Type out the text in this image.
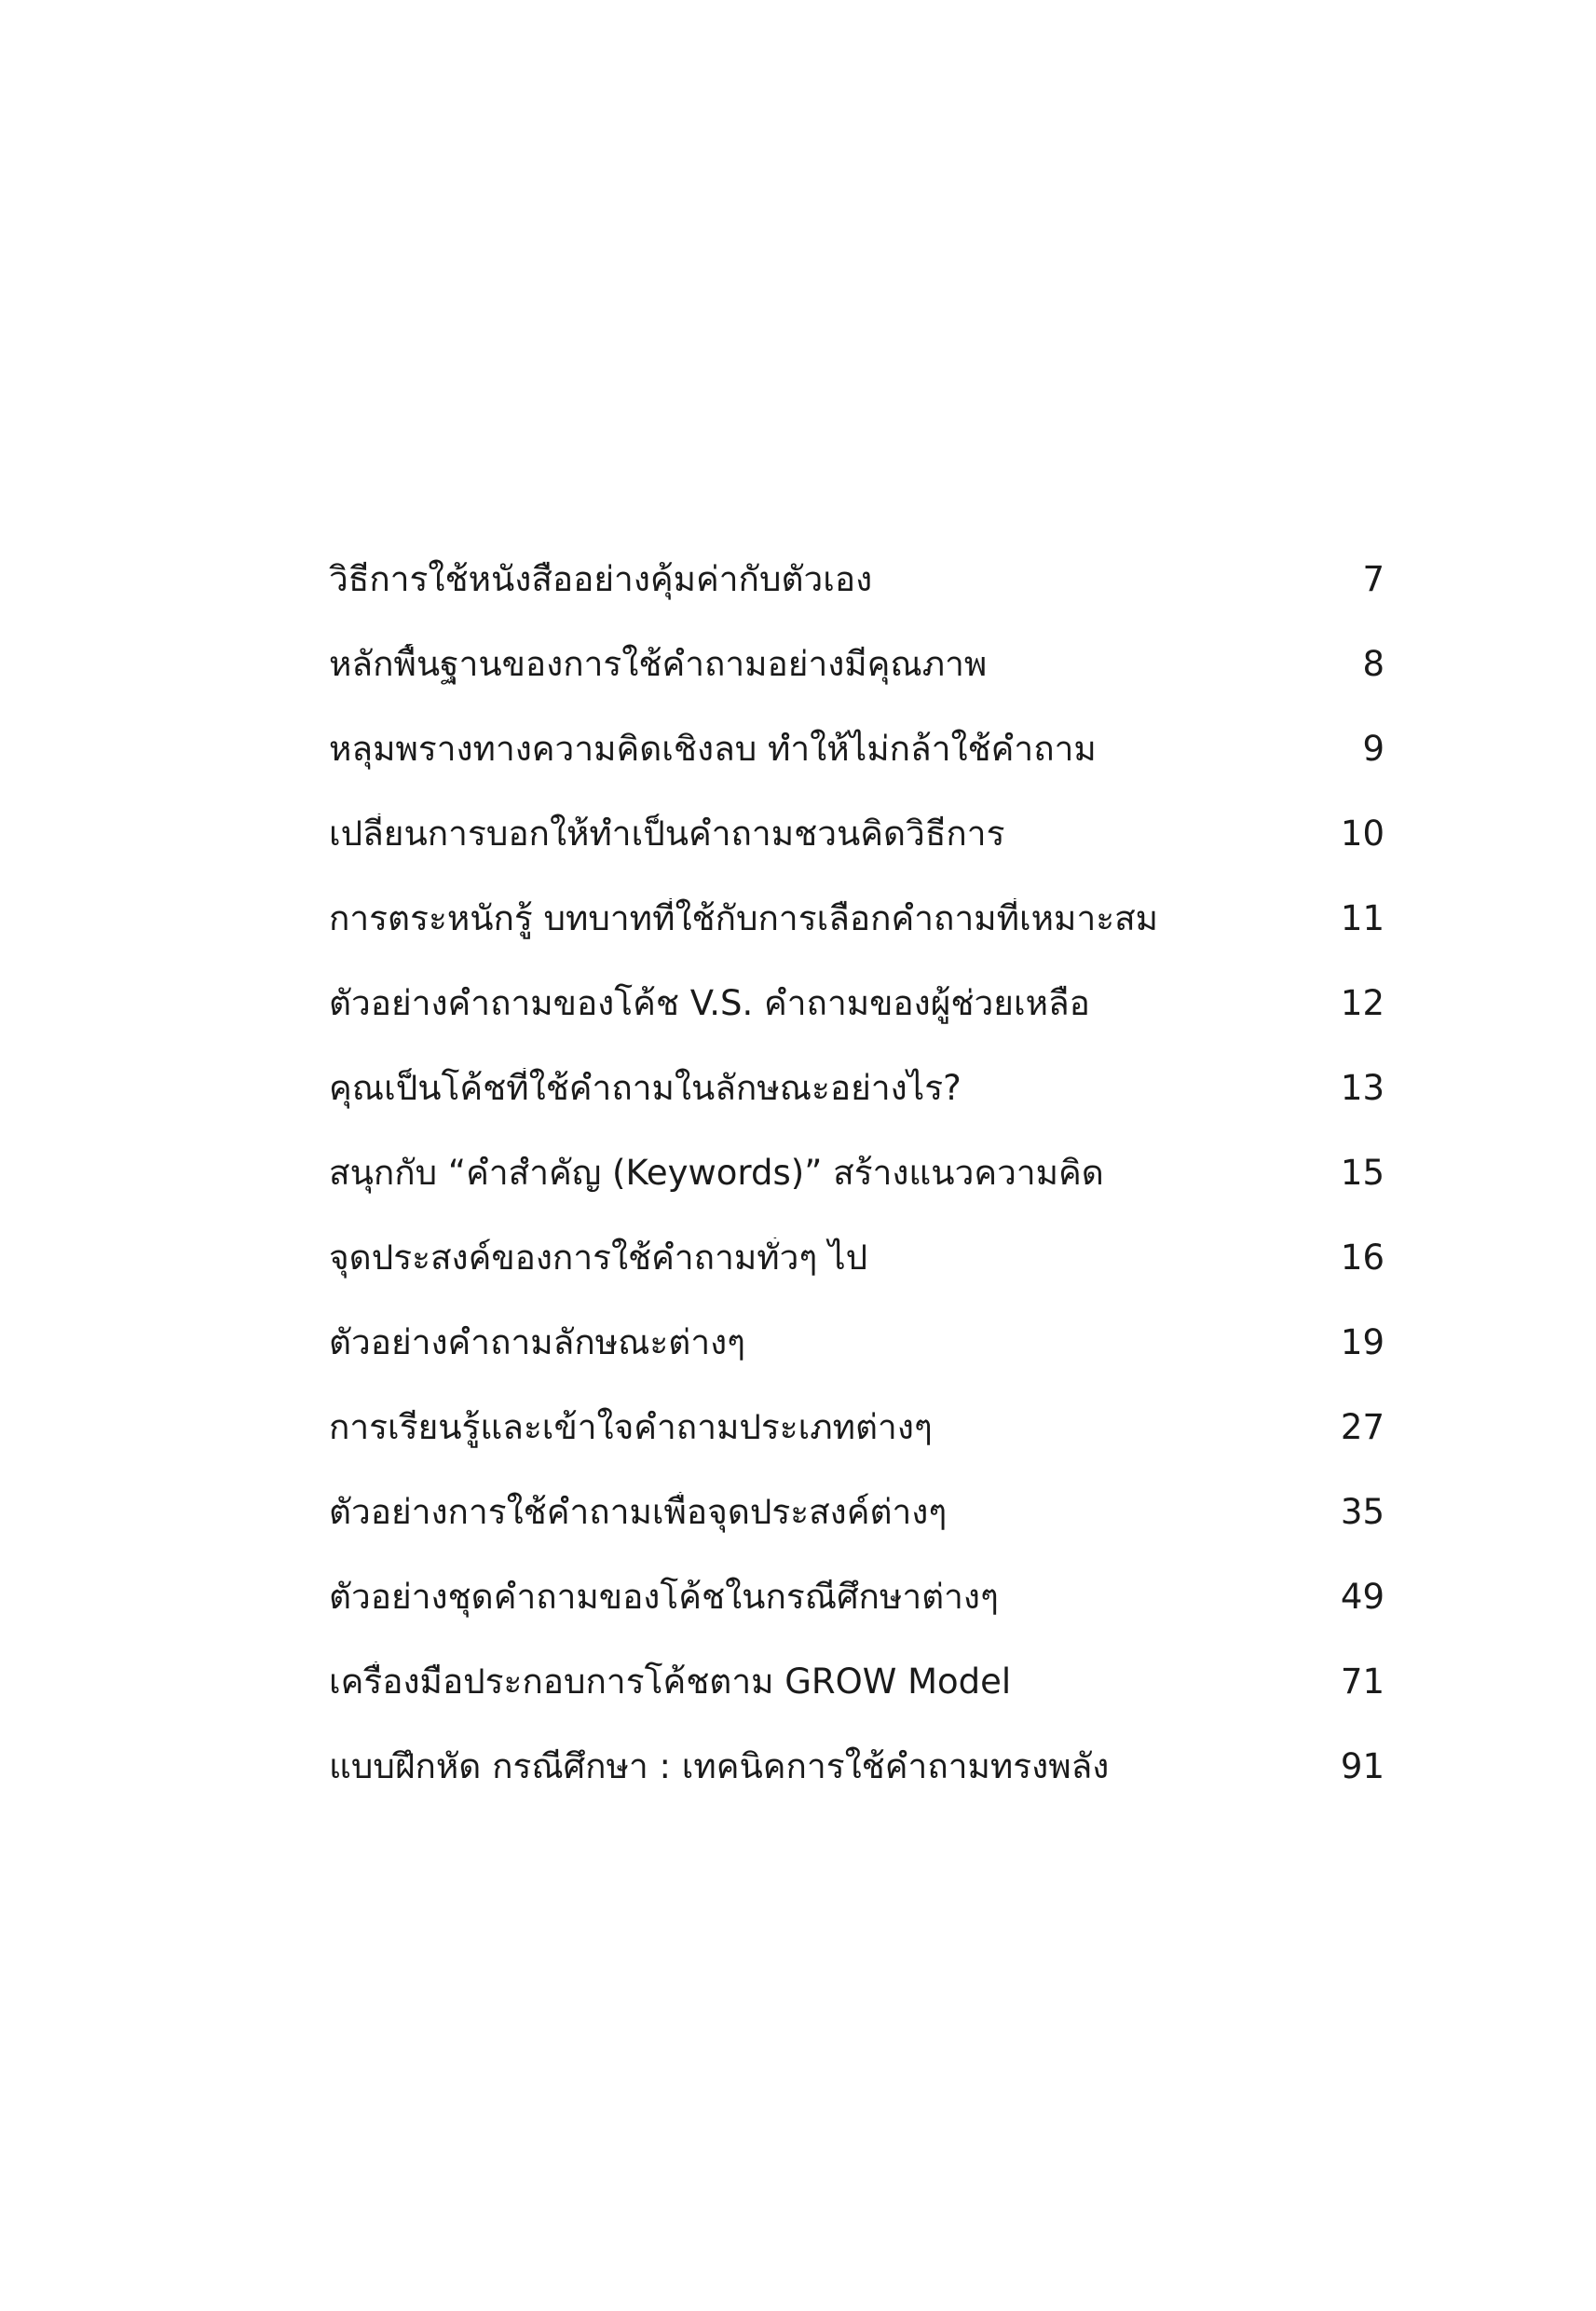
วิธีการใช้หนังสืออย่างคุ้มค่ากับตัวเอง	7
หลักพื้นฐานของการใช้คำถามอย่างมีคุณภาพ	8
หลุมพรางทางความคิดเชิงลบ ทำให้ไม่กล้าใช้คำถาม	9
เปลี่ยนการบอกให้ทำเป็นคำถามชวนคิดวิธีการ	10
การตระหนักรู้ บทบาทที่ใช้กับการเลือกคำถามที่เหมาะสม	11
ตัวอย่างคำถามของโค้ช V.S. คำถามของผู้ช่วยเหลือ	12
คุณเป็นโค้ชที่ใช้คำถามในลักษณะอย่างไร?	13
สนุกกับ “คำสำคัญ (Keywords)” สร้างแนวความคิด	15
จุดประสงค์ของการใช้คำถามทั่วๆ ไป	16
ตัวอย่างคำถามลักษณะต่างๆ	19
การเรียนรู้และเข้าใจคำถามประเภทต่างๆ	27
ตัวอย่างการใช้คำถามเพื่อจุดประสงค์ต่างๆ	35
ตัวอย่างชุดคำถามของโค้ชในกรณีศึกษาต่างๆ	49
เครื่องมือประกอบการโค้ชตาม GROW Model	71
แบบฝึกหัด กรณีศึกษา : เทคนิคการใช้คำถามทรงพลัง	91
